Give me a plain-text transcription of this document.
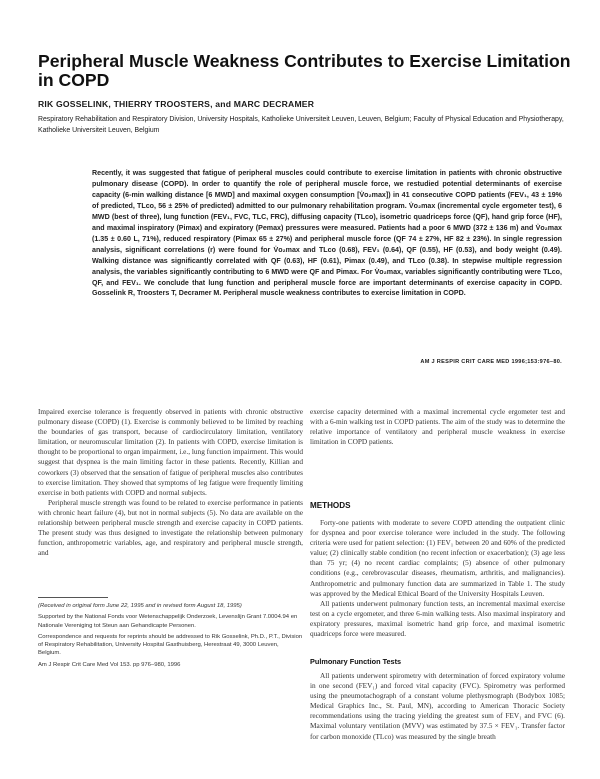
Peripheral Muscle Weakness Contributes to Exercise Limitation in COPD
RIK GOSSELINK, THIERRY TROOSTERS, and MARC DECRAMER
Respiratory Rehabilitation and Respiratory Division, University Hospitals, Katholieke Universiteit Leuven, Leuven, Belgium; Faculty of Physical Education and Physiotherapy, Katholieke Universiteit Leuven, Belgium

Recently, it was suggested that fatigue of peripheral muscles could contribute to exercise limitation in patients with chronic obstructive pulmonary disease (COPD). In order to quantify the role of peripheral muscle force, we restudied potential determinants of exercise capacity (6-min walking distance [6 MWD] and maximal oxygen consumption [V̇o₂max]) in 41 consecutive COPD patients (FEV₁, 43 ± 19% of predicted, TLco, 56 ± 25% of predicted) admitted to our pulmonary rehabilitation program. V̇o₂max (incremental cycle ergometer test), 6 MWD (best of three), lung function (FEV₁, FVC, TLC, FRC), diffusing capacity (TLco), isometric quadriceps force (QF), hand grip force (HF), and maximal inspiratory (Pimax) and expiratory (Pemax) pressures were measured. Patients had a poor 6 MWD (372 ± 136 m) and V̇o₂max (1.35 ± 0.60 L, 71%), reduced respiratory (Pimax 65 ± 27%) and peripheral muscle force (QF 74 ± 27%, HF 82 ± 23%). In single regression analysis, significant correlations (r) were found for V̇o₂max and TLco (0.68), FEV₁ (0.64), QF (0.55), HF (0.53), and body weight (0.49). Walking distance was significantly correlated with QF (0.63), HF (0.61), Pimax (0.49), and TLco (0.38). In stepwise multiple regression analysis, the variables significantly contributing to 6 MWD were QF and Pimax. For V̇o₂max, variables significantly contributing were TLco, QF, and FEV₁. We conclude that lung function and peripheral muscle force are important determinants of exercise capacity in COPD. Gosselink R, Troosters T, Decramer M. Peripheral muscle weakness contributes to exercise limitation in COPD.

AM J RESPIR CRIT CARE MED 1996;153:976–80.

Impaired exercise tolerance is frequently observed in patients with chronic obstructive pulmonary disease (COPD) (1). Exercise is commonly believed to be limited by reaching the boundaries of gas transport, because of cardiocirculatory limitation, ventilatory limitation, or neuromuscular limitation (2). In patients with COPD, exercise limitation is thought to be proportional to organ impairment, i.e., lung function impairment. This would suggest that dyspnea is the main limiting factor in these patients. Recently, Killian and coworkers (3) observed that the sensation of fatigue of peripheral muscles also contributes to exercise limitation. They showed that symptoms of leg fatigue were frequently limiting exercise in both patients with COPD and normal subjects.

Peripheral muscle strength was found to be related to exercise performance in patients with chronic heart failure (4), but not in normal subjects (5). No data are available on the relationship between peripheral muscle strength and exercise capacity in COPD patients. The present study was thus designed to investigate the relationship between pulmonary function, anthropometric variables, age, and respiratory and peripheral muscle strength, and

exercise capacity determined with a maximal incremental cycle ergometer test and with a 6-min walking test in COPD patients. The aim of the study was to determine the relative importance of ventilatory and peripheral muscle weakness in exercise limitation in COPD patients.

METHODS

Forty-one patients with moderate to severe COPD attending the outpatient clinic for dyspnea and poor exercise tolerance were included in the study. The following criteria were used for patient selection: (1) FEV₁ between 20 and 60% of the predicted value; (2) clinically stable condition (no recent infection or exacerbation); (3) age less than 75 yr; (4) no recent cardiac complaints; (5) absence of other pulmonary conditions (e.g., cerebrovascular diseases, rheumatism, arthritis, and malignancies). Anthropometric and pulmonary function data are summarized in Table 1. The study was approved by the Medical Ethical Board of the University Hospitals Leuven.

All patients underwent pulmonary function tests, an incremental maximal exercise test on a cycle ergometer, and three 6-min walking tests. Also maximal inspiratory and expiratory pressures, maximal isometric hand grip force, and maximal isometric quadriceps force were measured.

Pulmonary Function Tests

All patients underwent spirometry with determination of forced expiratory volume in one second (FEV₁) and forced vital capacity (FVC). Spirometry was performed using the pneumotachograph of a constant volume plethysmograph (Bodybox 1085; Medical Graphics Inc., St. Paul, MN), according to American Thoracic Society recommendations using the tracing yielding the greatest sum of FEV₁ and FVC (6). Maximal voluntary ventilation (MVV) was estimated by 37.5 × FEV₁. Transfer factor for carbon monoxide (TLco) was measured by the single breath

(Received in original form June 22, 1995 and in revised form August 18, 1995)

Supported by the National Fonds voor Wetenschappelijk Onderzoek, Levenslijn Grant 7.0004.94 en Nationale Vereniging tot Steun aan Gehandicapte Personen.

Correspondence and requests for reprints should be addressed to Rik Gosselink, Ph.D., P.T., Division of Respiratory Rehabilitation, University Hospital Gasthuisberg, Herestraat 49, 3000 Leuven, Belgium.

Am J Respir Crit Care Med Vol 153. pp 976–980, 1996
